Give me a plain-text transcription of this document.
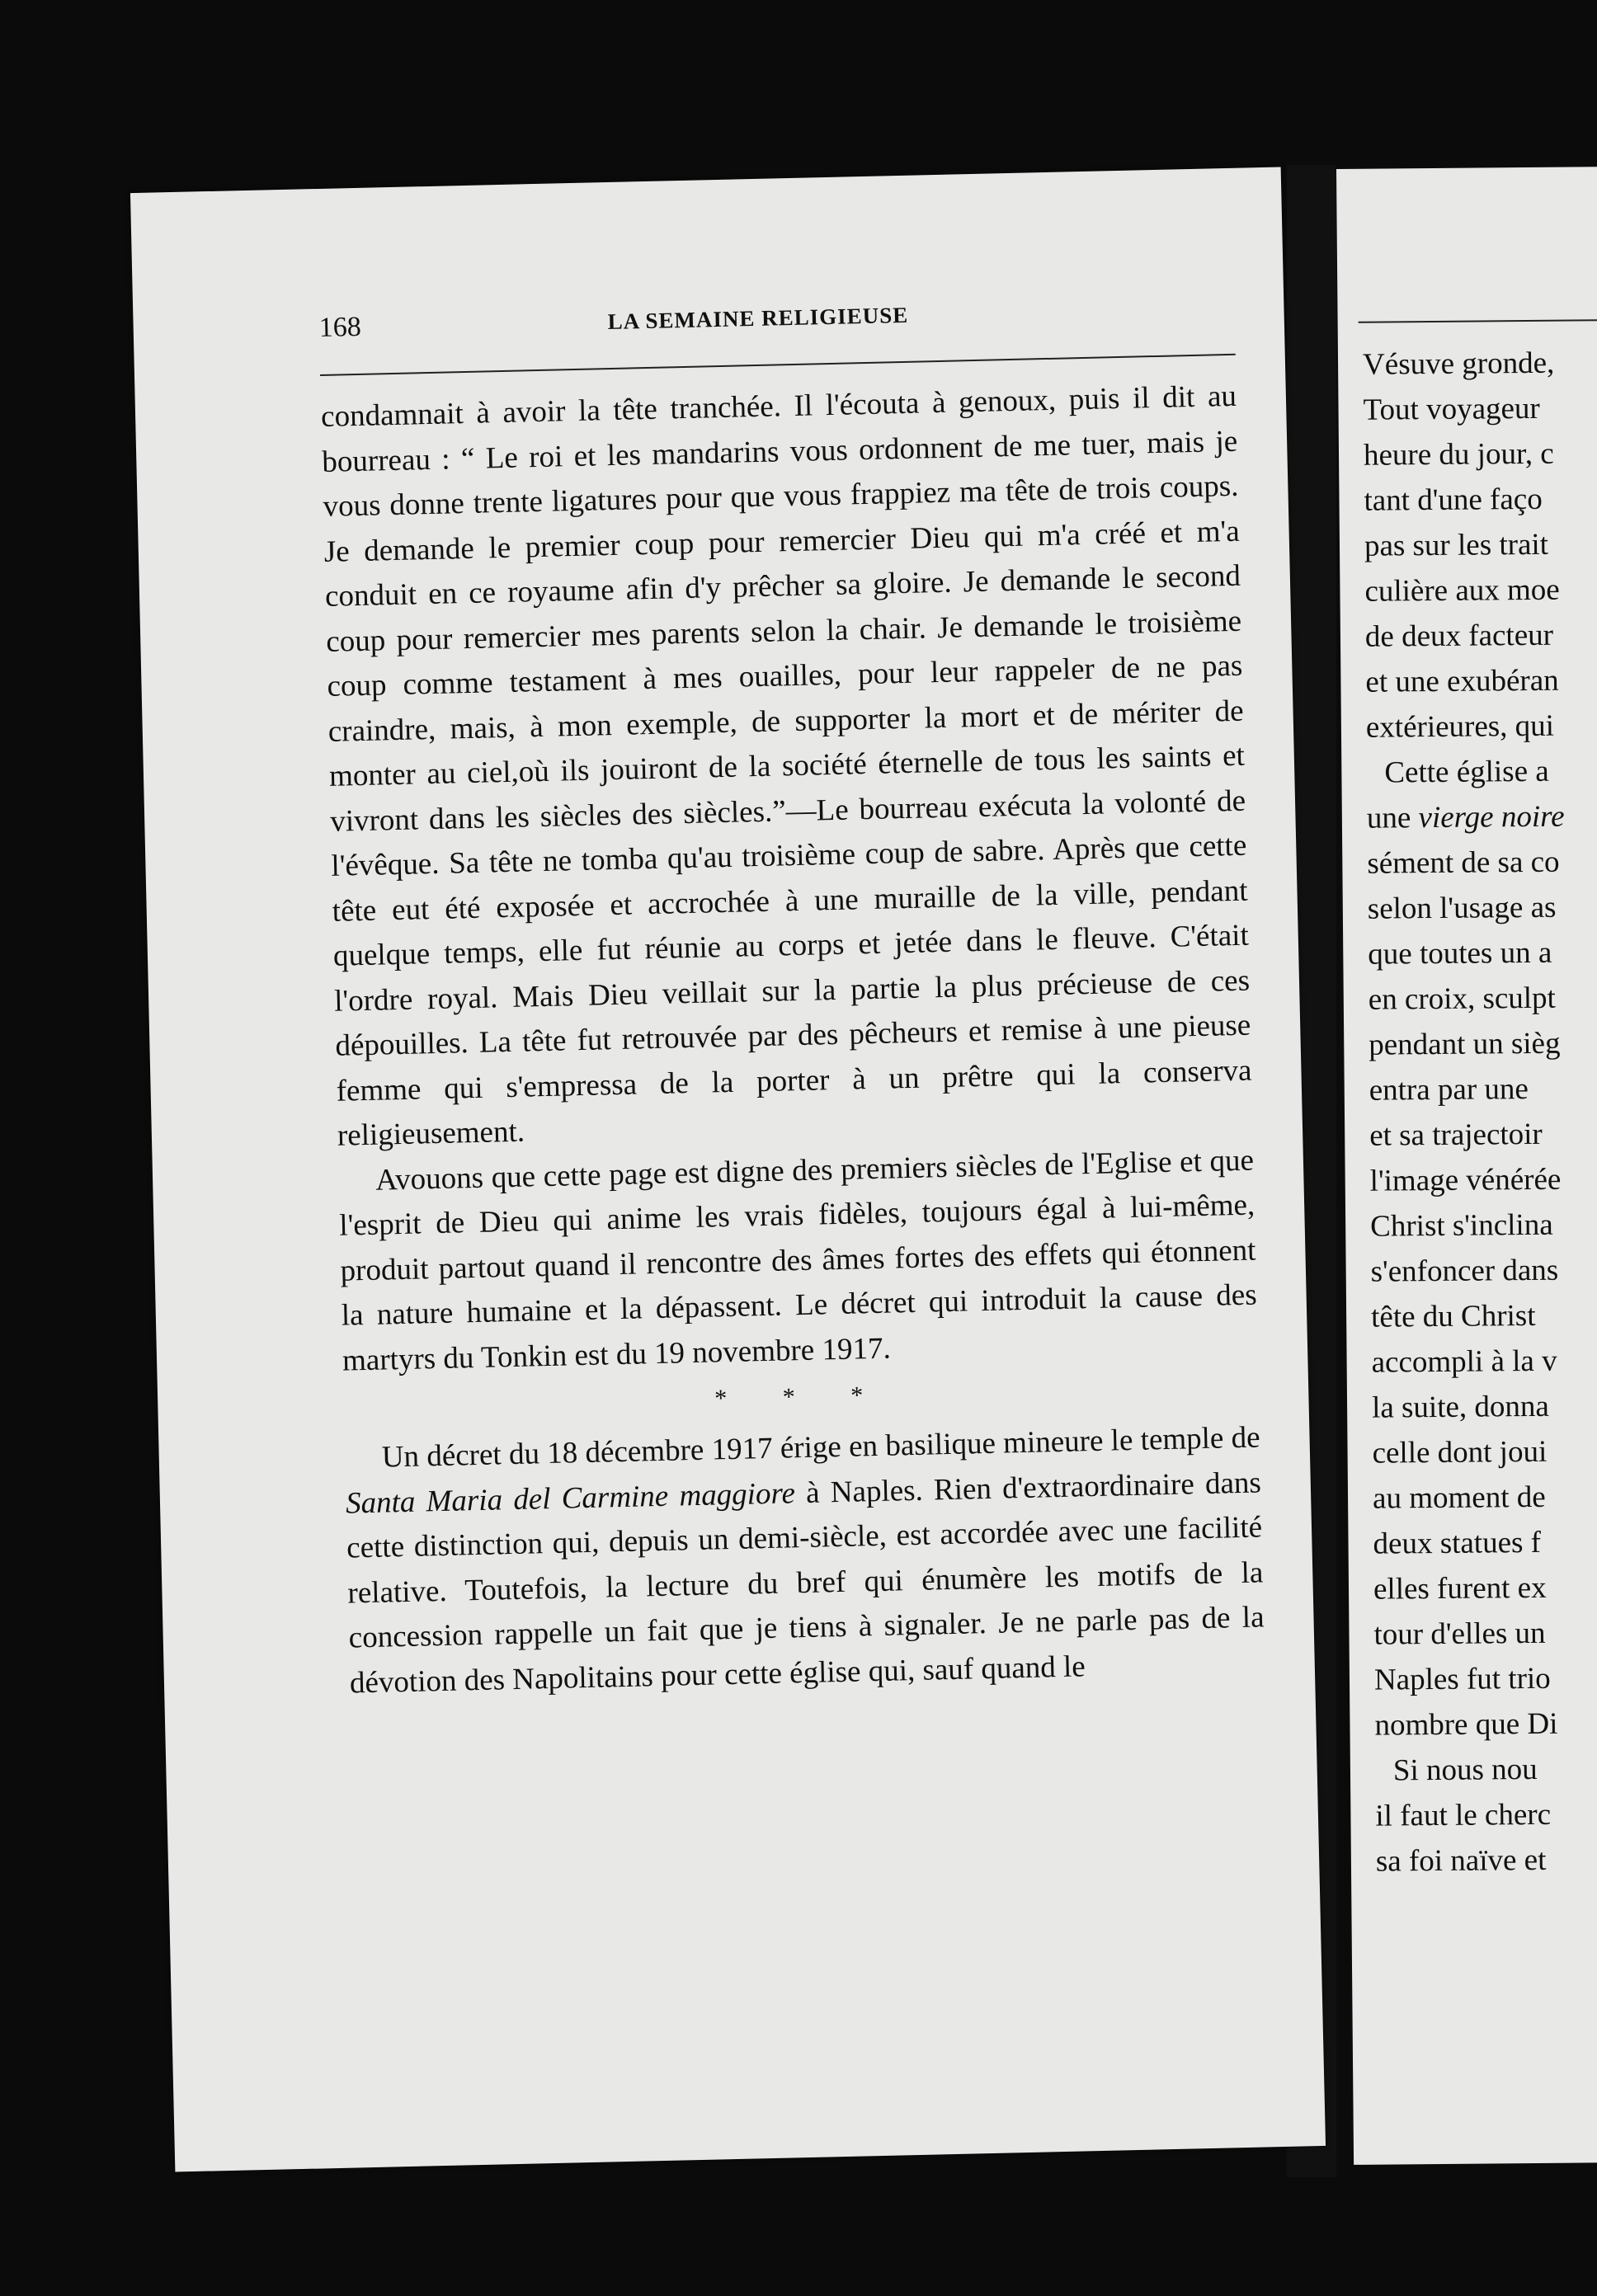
Vésuve gronde,
Tout voyageur
heure du jour, c
tant d'une faço
pas sur les trait
culière aux moe
de deux facteur
et une exubéran
extérieures, qui
Cette église a
une vierge noire
sément de sa co
selon l'usage as
que toutes un a
en croix, sculpt
pendant un sièg
entra par une
et sa trajectoir
l'image vénérée
Christ s'inclina
s'enfoncer dans
tête du Christ
accompli à la v
la suite, donna
celle dont joui
au moment de
deux statues f
elles furent ex
tour d'elles un
Naples fut trio
nombre que Di
Si nous nou
il faut le cherc
sa foi naïve et
168	LA SEMAINE RELIGIEUSE

condamnait à avoir la tête tranchée. Il l'écouta à genoux, puis il dit au bourreau : “ Le roi et les mandarins vous ordonnent de me tuer, mais je vous donne trente ligatures pour que vous frappiez ma tête de trois coups. Je demande le premier coup pour remercier Dieu qui m'a créé et m'a conduit en ce royaume afin d'y prêcher sa gloire. Je demande le second coup pour remercier mes parents selon la chair. Je demande le troisième coup comme testament à mes ouailles, pour leur rappeler de ne pas craindre, mais, à mon exemple, de supporter la mort et de mériter de monter au ciel,où ils jouiront de la société éternelle de tous les saints et vivront dans les siècles des siècles.”—Le bourreau exécuta la volonté de l'évêque. Sa tête ne tomba qu'au troisième coup de sabre. Après que cette tête eut été exposée et accrochée à une muraille de la ville, pendant quelque temps, elle fut réunie au corps et jetée dans le fleuve. C'était l'ordre royal. Mais Dieu veillait sur la partie la plus précieuse de ces dépouilles. La tête fut retrouvée par des pêcheurs et remise à une pieuse femme qui s'empressa de la porter à un prêtre qui la conserva religieusement.

Avouons que cette page est digne des premiers siècles de l'Eglise et que l'esprit de Dieu qui anime les vrais fidèles, toujours égal à lui-même, produit partout quand il rencontre des âmes fortes des effets qui étonnent la nature humaine et la dépassent. Le décret qui introduit la cause des martyrs du Tonkin est du 19 novembre 1917.

* * *

Un décret du 18 décembre 1917 érige en basilique mineure le temple de Santa Maria del Carmine maggiore à Naples. Rien d'extraordinaire dans cette distinction qui, depuis un demi-siècle, est accordée avec une facilité relative. Toutefois, la lecture du bref qui énumère les motifs de la concession rappelle un fait que je tiens à signaler. Je ne parle pas de la dévotion des Napolitains pour cette église qui, sauf quand le
